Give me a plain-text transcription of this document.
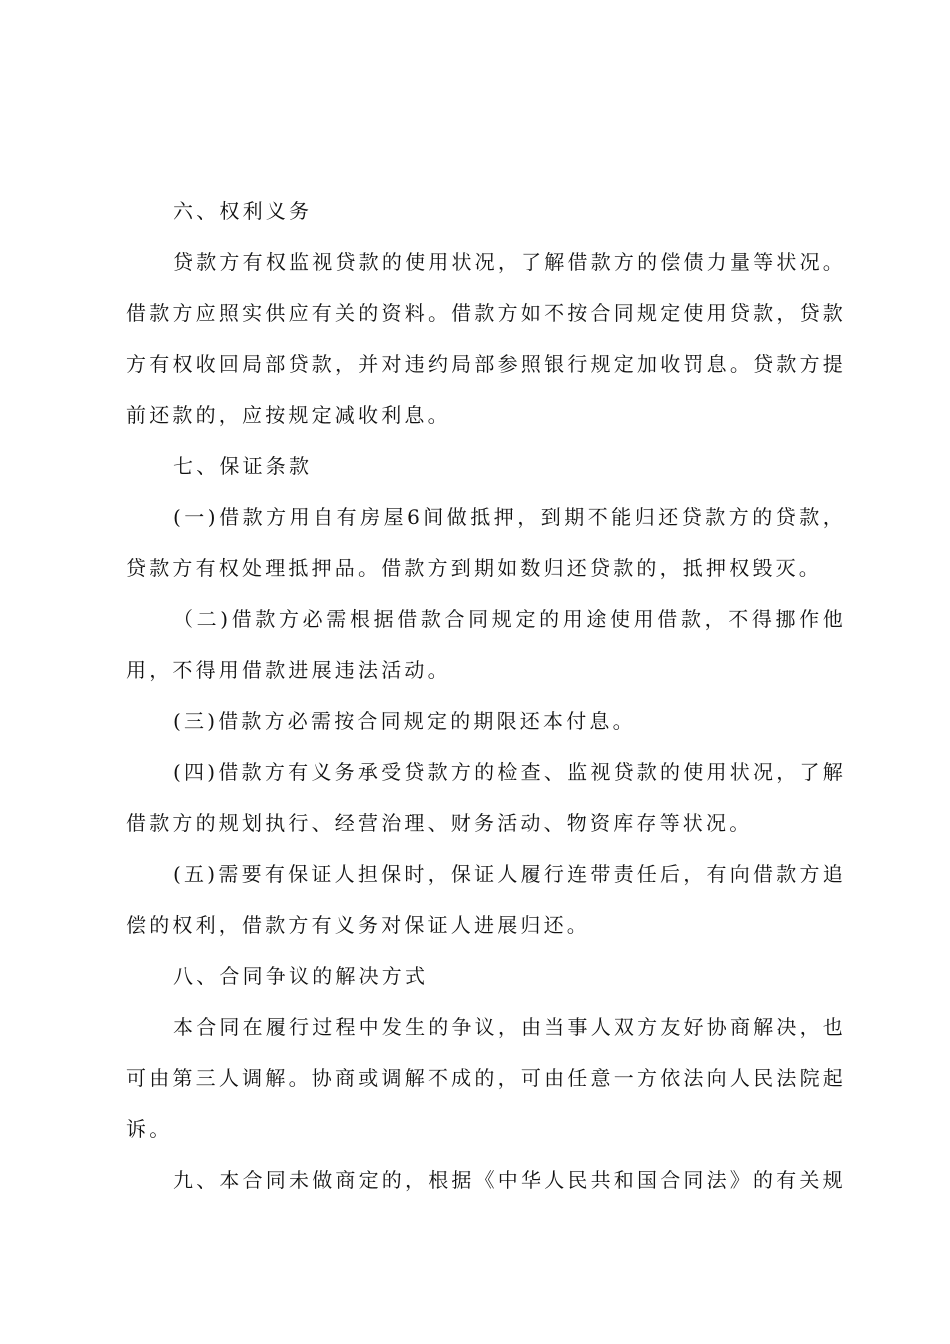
六、权利义务

贷款方有权监视贷款的使用状况，了解借款方的偿债力量等状况。借款方应照实供应有关的资料。借款方如不按合同规定使用贷款，贷款方有权收回局部贷款，并对违约局部参照银行规定加收罚息。贷款方提前还款的，应按规定减收利息。

七、保证条款

(一)借款方用自有房屋6间做抵押，到期不能归还贷款方的贷款，贷款方有权处理抵押品。借款方到期如数归还贷款的，抵押权毁灭。

（二)借款方必需根据借款合同规定的用途使用借款，不得挪作他用，不得用借款进展违法活动。

(三)借款方必需按合同规定的期限还本付息。

(四)借款方有义务承受贷款方的检查、监视贷款的使用状况，了解借款方的规划执行、经营治理、财务活动、物资库存等状况。

(五)需要有保证人担保时，保证人履行连带责任后，有向借款方追偿的权利，借款方有义务对保证人进展归还。

八、合同争议的解决方式

本合同在履行过程中发生的争议，由当事人双方友好协商解决，也可由第三人调解。协商或调解不成的，可由任意一方依法向人民法院起诉。

九、本合同未做商定的，根据《中华人民共和国合同法》的有关规
